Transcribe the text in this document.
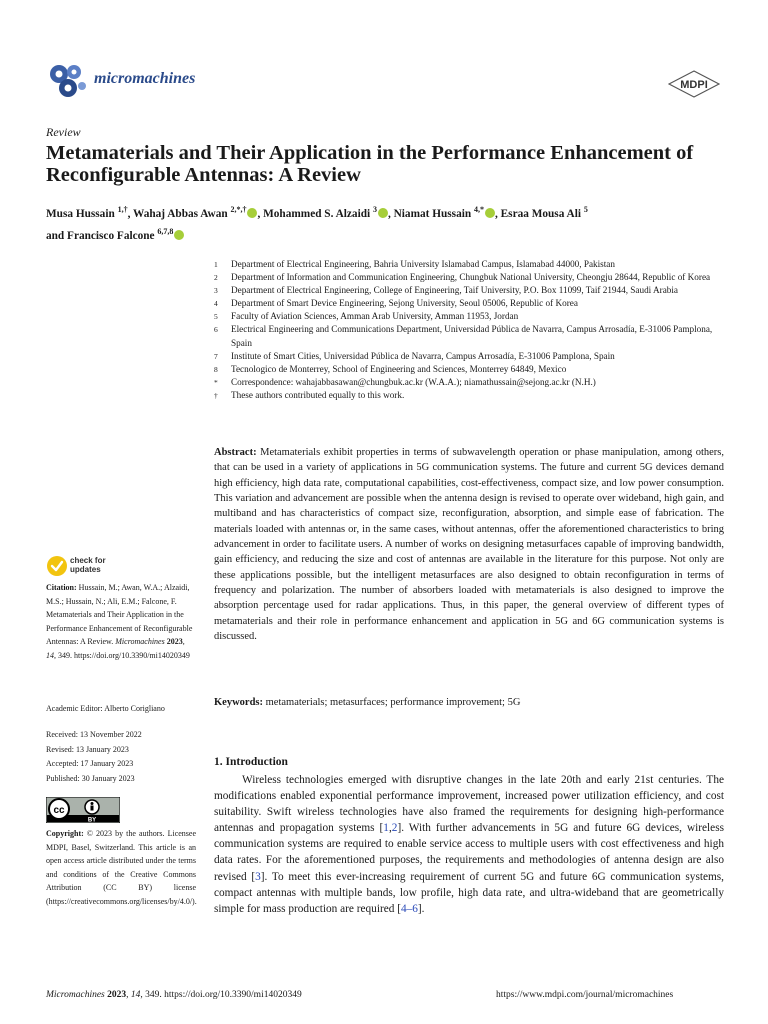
micromachines	MDPI
Review
Metamaterials and Their Application in the Performance Enhancement of Reconfigurable Antennas: A Review
Musa Hussain $^{1,\dagger}$, Wahaj Abbas Awan $^{2,*,\dagger}$ , Mohammed S. Alzaidi $^3$ , Niamat Hussain $^{4,*}$ , Esraa Mousa Ali $^5$
and Francisco Falcone $^{6,7,8}$
1	Department of Electrical Engineering, Bahria University Islamabad Campus, Islamabad 44000, Pakistan
2	Department of Information and Communication Engineering, Chungbuk National University, Cheongju 28644, Republic of Korea
3	Department of Electrical Engineering, College of Engineering, Taif University, P.O. Box 11099, Taif 21944, Saudi Arabia
4	Department of Smart Device Engineering, Sejong University, Seoul 05006, Republic of Korea
5	Faculty of Aviation Sciences, Amman Arab University, Amman 11953, Jordan
6	Electrical Engineering and Communications Department, Universidad Pública de Navarra, Campus Arrosadía, E-31006 Pamplona, Spain
7	Institute of Smart Cities, Universidad Pública de Navarra, Campus Arrosadía, E-31006 Pamplona, Spain
8	Tecnologico de Monterrey, School of Engineering and Sciences, Monterrey 64849, Mexico
*	Correspondence: wahajabbasawan@chungbuk.ac.kr (W.A.A.); niamathussain@sejong.ac.kr (N.H.)
†	These authors contributed equally to this work.
Abstract: Metamaterials exhibit properties in terms of subwavelength operation or phase manipulation, among others, that can be used in a variety of applications in 5G communication systems. The future and current 5G devices demand high efficiency, high data rate, computational capabilities, cost-effectiveness, compact size, and low power consumption. This variation and advancement are possible when the antenna design is revised to operate over wideband, high gain, and multiband and has characteristics of compact size, reconfiguration, absorption, and simple ease of fabrication. The materials loaded with antennas or, in the same cases, without antennas, offer the aforementioned characteristics to bring advancement in order to facilitate users. A number of works on designing metasurfaces capable of improving bandwidth, gain efficiency, and reducing the size and cost of antennas are available in the literature for this purpose. Not only are these applications possible, but the intelligent metasurfaces are also designed to obtain reconfiguration in terms of frequency and polarization. The number of absorbers loaded with metamaterials is also designed to improve the absorption percentage used for radar applications. Thus, in this paper, the general overview of different types of metamaterials and their role in performance enhancement and application in 5G and 6G communication systems is discussed.
Keywords: metamaterials; metasurfaces; performance improvement; 5G
check for
updates
Citation: Hussain, M.; Awan, W.A.; Alzaidi, M.S.; Hussain, N.; Ali, E.M.; Falcone, F. Metamaterials and Their Application in the Performance Enhancement of Reconfigurable Antennas: A Review. Micromachines 2023, 14, 349. https://doi.org/10.3390/mi14020349
Academic Editor: Alberto Corigliano
Received: 13 November 2022
Revised: 13 January 2023
Accepted: 17 January 2023
Published: 30 January 2023
cc
BY
Copyright: © 2023 by the authors. Licensee MDPI, Basel, Switzerland. This article is an open access article distributed under the terms and conditions of the Creative Commons Attribution (CC BY) license (https://creativecommons.org/licenses/by/4.0/).
1. Introduction
Wireless technologies emerged with disruptive changes in the late 20th and early 21st centuries. The modifications enabled exponential performance improvement, increased power utilization efficiency, and cost suitability. Swift wireless technologies have also framed the requirements for designing high-performance antennas and propagation systems [1,2]. With further advancements in 5G and future 6G devices, wireless communication systems are required to enable service access to multiple users with cost effectiveness and high data rates. For the aforementioned purposes, the requirements and methodologies of antenna design are also revised [3]. To meet this ever-increasing requirement of current 5G and future 6G communication systems, compact antennas with multiple bands, low profile, high data rate, and ultra-wideband that are geometrically simple for mass production are required [4–6].
Micromachines 2023, 14, 349. https://doi.org/10.3390/mi14020349	https://www.mdpi.com/journal/micromachines
